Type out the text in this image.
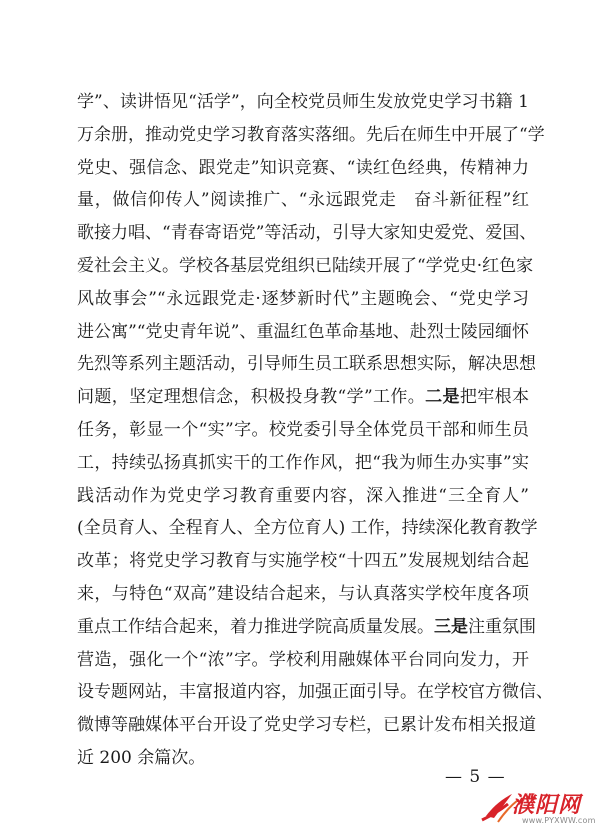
学”、读讲悟见“活学”，向全校党员师生发放党史学习书籍 1
万余册，推动党史学习教育落实落细。先后在师生中开展了“学
党史、强信念、跟党走”知识竞赛、“读红色经典，传精神力
量，做信仰传人”阅读推广、“永远跟党走　奋斗新征程”红
歌接力唱、“青春寄语党”等活动，引导大家知史爱党、爱国、
爱社会主义。学校各基层党组织已陆续开展了“学党史·红色家
风故事会”“永远跟党走·逐梦新时代”主题晚会、“党史学习
进公寓”“党史青年说”、重温红色革命基地、赴烈士陵园缅怀
先烈等系列主题活动，引导师生员工联系思想实际，解决思想
问题，坚定理想信念，积极投身教“学”工作。二是把牢根本
任务，彰显一个“实”字。校党委引导全体党员干部和师生员
工，持续弘扬真抓实干的工作作风，把“我为师生办实事”实
践活动作为党史学习教育重要内容，深入推进“三全育人”
(全员育人、全程育人、全方位育人) 工作，持续深化教育教学
改革；将党史学习教育与实施学校“十四五”发展规划结合起
来，与特色“双高”建设结合起来，与认真落实学校年度各项
重点工作结合起来，着力推进学院高质量发展。三是注重氛围
营造，强化一个“浓”字。学校利用融媒体平台同向发力，开
设专题网站，丰富报道内容，加强正面引导。在学校官方微信、
微博等融媒体平台开设了党史学习专栏，已累计发布相关报道
近 200 余篇次。
— 5 —
濮阳网
www.PYXWW.com
